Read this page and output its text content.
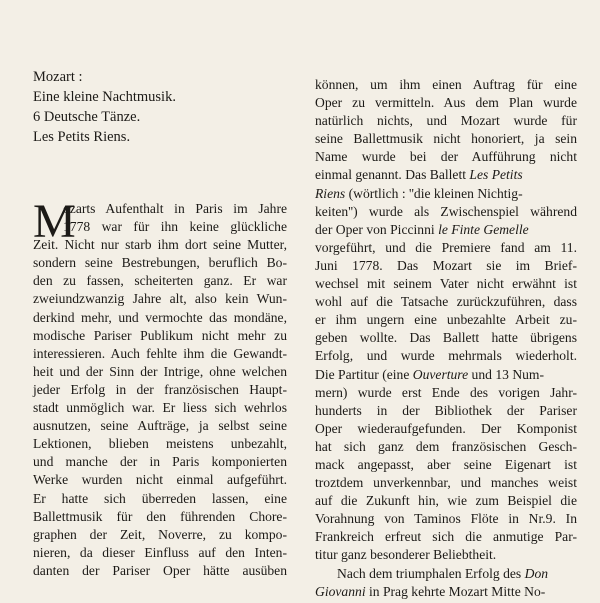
Mozart :
Eine kleine Nachtmusik.
6 Deutsche Tänze.
Les Petits Riens.
M
ozarts Aufenthalt in Paris im Jahre
1778 war für ihn keine glückliche
Zeit. Nicht nur starb ihm dort seine Mutter,
sondern seine Bestrebungen, beruflich Bo-
den zu fassen, scheiterten ganz. Er war
zweiundzwanzig Jahre alt, also kein Wun-
derkind mehr, und vermochte das mondäne,
modische Pariser Publikum nicht mehr zu
interessieren. Auch fehlte ihm die Gewandt-
heit und der Sinn der Intrige, ohne welchen
jeder Erfolg in der französischen Haupt-
stadt unmöglich war. Er liess sich wehrlos
ausnutzen, seine Aufträge, ja selbst seine
Lektionen, blieben meistens unbezahlt,
und manche der in Paris komponierten
Werke wurden nicht einmal aufgeführt.
Er hatte sich überreden lassen, eine
Ballettmusik für den führenden Chore-
graphen der Zeit, Noverre, zu kompo-
nieren, da dieser Einfluss auf den Inten-
danten der Pariser Oper hätte ausüben
können, um ihm einen Auftrag für eine
Oper zu vermitteln. Aus dem Plan wurde
natürlich nichts, und Mozart wurde für
seine Ballettmusik nicht honoriert, ja sein
Name wurde bei der Aufführung nicht
einmal genannt. Das Ballett Les Petits
Riens (wörtlich : ''die kleinen Nichtig-
keiten'') wurde als Zwischenspiel während
der Oper von Piccinni le Finte Gemelle
vorgeführt, und die Premiere fand am 11.
Juni 1778. Das Mozart sie im Brief-
wechsel mit seinem Vater nicht erwähnt ist
wohl auf die Tatsache zurückzuführen, dass
er ihm ungern eine unbezahlte Arbeit zu-
geben wollte. Das Ballett hatte übrigens
Erfolg, und wurde mehrmals wiederholt.
Die Partitur (eine Ouverture und 13 Num-
mern) wurde erst Ende des vorigen Jahr-
hunderts in der Bibliothek der Pariser
Oper wiederaufgefunden. Der Komponist
hat sich ganz dem französischen Gesch-
mack angepasst, aber seine Eigenart ist
troztdem unverkennbar, und manches weist
auf die Zukunft hin, wie zum Beispiel die
Vorahnung von Taminos Flöte in Nr.9. In
Frankreich erfreut sich die anmutige Par-
titur ganz besonderer Beliebtheit.
Nach dem triumphalen Erfolg des Don
Giovanni in Prag kehrte Mozart Mitte No-
